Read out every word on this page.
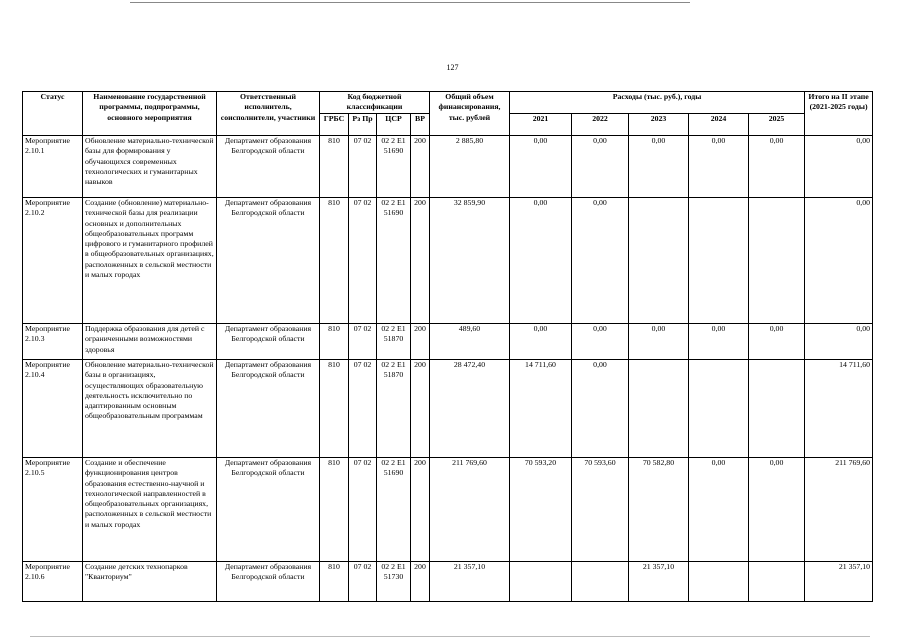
127
Статус	Наименование государственной программы, подпрограммы, основного мероприятия	Ответственный исполнитель, соисполнители, участники	Код бюджетной классификации				Общий объем финансирования, тыс. рублей	Расходы (тыс. руб.), годы					Итого на II этапе (2021-2025 годы)
			ГРБС	Рз Пр	ЦСР	ВР		2021	2022	2023	2024	2025	
Мероприятие 2.10.1	Обновление материально-технической базы для формирования у обучающихся современных технологических и гуманитарных навыков	Департамент образования Белгородской области	810	07 02	02 2 E1 51690	200	2 885,80	0,00	0,00	0,00	0,00	0,00	0,00
Мероприятие 2.10.2	Создание (обновление) материально-технической базы для реализации основных и дополнительных общеобразовательных программ цифрового и гуманитарного профилей в общеобразовательных организациях, расположенных в сельской местности и малых городах	Департамент образования Белгородской области	810	07 02	02 2 E1 51690	200	32 859,90	0,00	0,00				0,00
Мероприятие 2.10.3	Поддержка образования для детей с ограниченными возможностями здоровья	Департамент образования Белгородской области	810	07 02	02 2 E1 51870	200	489,60	0,00	0,00	0,00	0,00	0,00	0,00
Мероприятие 2.10.4	Обновление материально-технической базы в организациях, осуществляющих образовательную деятельность исключительно по адаптированным основным общеобразовательным программам	Департамент образования Белгородской области	810	07 02	02 2 E1 51870	200	28 472,40	14 711,60	0,00				14 711,60
Мероприятие 2.10.5	Создание и обеспечение функционирования центров образования естественно-научной и технологической направленностей в общеобразовательных организациях, расположенных в сельской местности и малых городах	Департамент образования Белгородской области	810	07 02	02 2 E1 51690	200	211 769,60	70 593,20	70 593,60	70 582,80	0,00	0,00	211 769,60
Мероприятие 2.10.6	Создание детских технопарков "Кванториум"	Департамент образования Белгородской области	810	07 02	02 2 E1 51730	200	21 357,10			21 357,10			21 357,10
